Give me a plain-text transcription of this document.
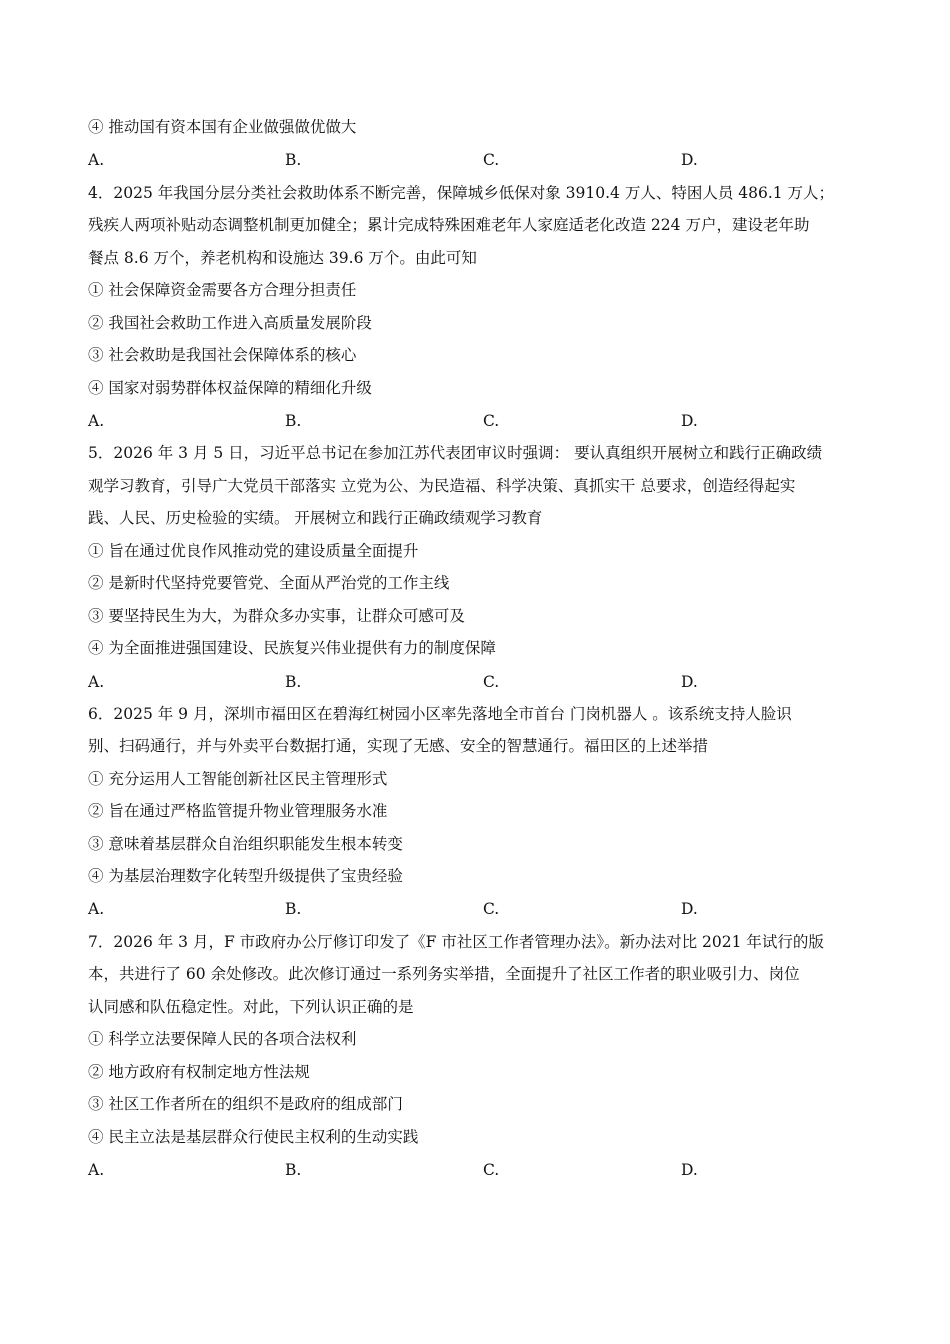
④ 推动国有资本国有企业做强做优做大
A.	B.	C.	D.
4．2025 年我国分层分类社会救助体系不断完善，保障城乡低保对象 3910.4 万人、特困人员 486.1 万人；
残疾人两项补贴动态调整机制更加健全；累计完成特殊困难老年人家庭适老化改造 224 万户，建设老年助
餐点 8.6 万个，养老机构和设施达 39.6 万个。由此可知
① 社会保障资金需要各方合理分担责任
② 我国社会救助工作进入高质量发展阶段
③ 社会救助是我国社会保障体系的核心
④ 国家对弱势群体权益保障的精细化升级
A.	B.	C.	D.
5．2026 年 3 月 5 日，习近平总书记在参加江苏代表团审议时强调： 要认真组织开展树立和践行正确政绩
观学习教育，引导广大党员干部落实 立党为公、为民造福、科学决策、真抓实干 总要求，创造经得起实
践、人民、历史检验的实绩。 开展树立和践行正确政绩观学习教育
① 旨在通过优良作风推动党的建设质量全面提升
② 是新时代坚持党要管党、全面从严治党的工作主线
③ 要坚持民生为大，为群众多办实事，让群众可感可及
④ 为全面推进强国建设、民族复兴伟业提供有力的制度保障
A.	B.	C.	D.
6．2025 年 9 月，深圳市福田区在碧海红树园小区率先落地全市首台 门岗机器人 。该系统支持人脸识
别、扫码通行，并与外卖平台数据打通，实现了无感、安全的智慧通行。福田区的上述举措
① 充分运用人工智能创新社区民主管理形式
② 旨在通过严格监管提升物业管理服务水准
③ 意味着基层群众自治组织职能发生根本转变
④ 为基层治理数字化转型升级提供了宝贵经验
A.	B.	C.	D.
7．2026 年 3 月，F 市政府办公厅修订印发了《F 市社区工作者管理办法》。新办法对比 2021 年试行的版
本，共进行了 60 余处修改。此次修订通过一系列务实举措，全面提升了社区工作者的职业吸引力、岗位
认同感和队伍稳定性。对此，下列认识正确的是
① 科学立法要保障人民的各项合法权利
② 地方政府有权制定地方性法规
③ 社区工作者所在的组织不是政府的组成部门
④ 民主立法是基层群众行使民主权利的生动实践
A.	B.	C.	D.
